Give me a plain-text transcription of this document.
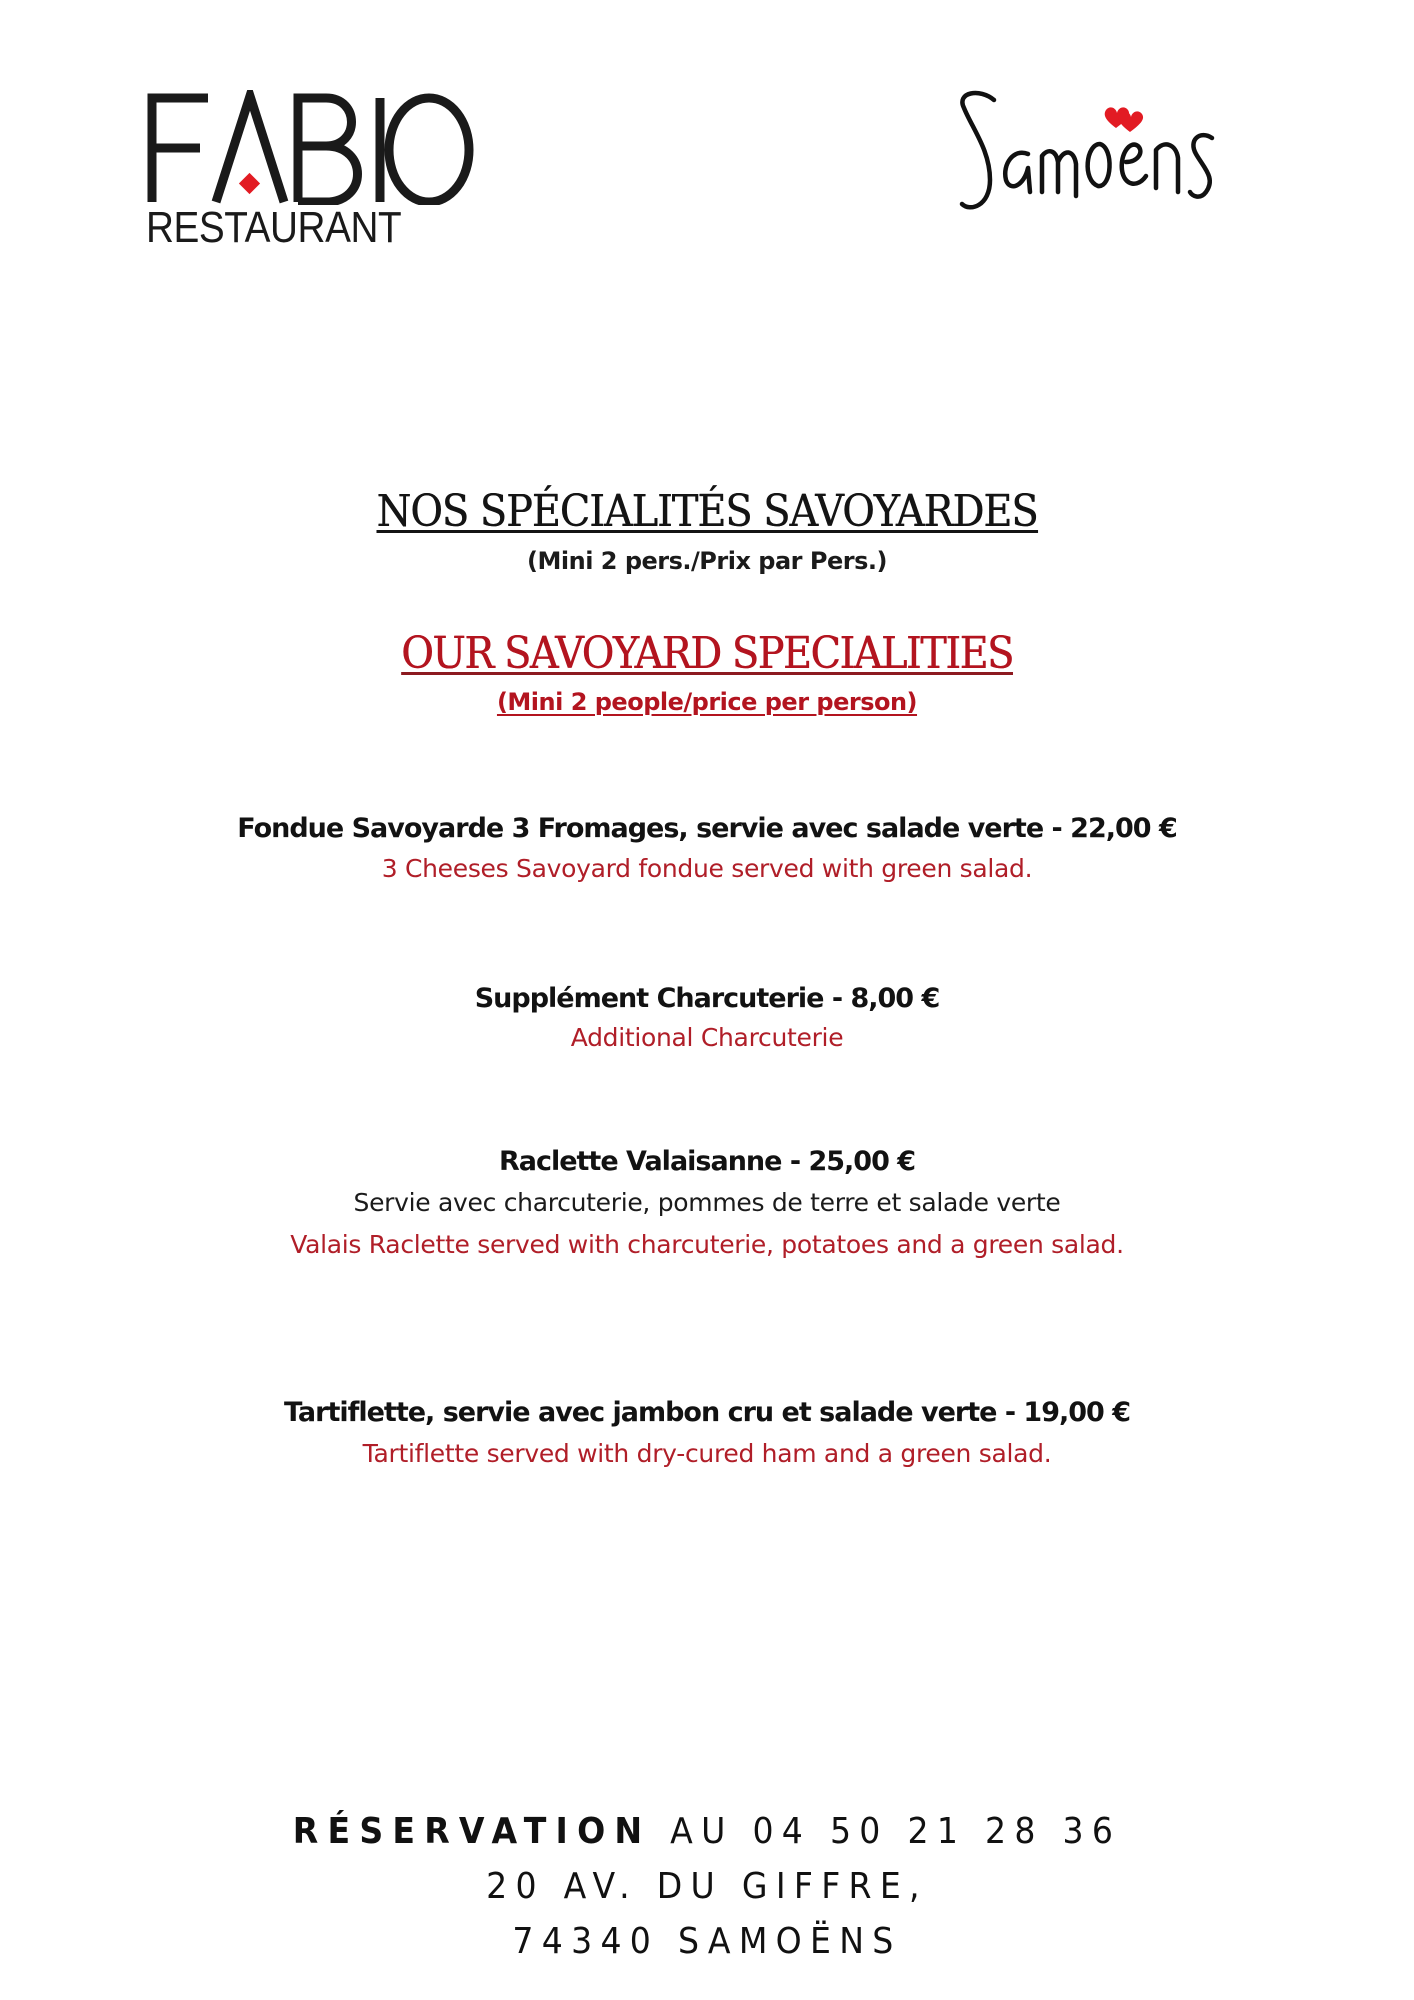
RESTAURANT
NOS SPÉCIALITÉS SAVOYARDES
(Mini 2 pers./Prix par Pers.)
OUR SAVOYARD SPECIALITIES
(Mini 2 people/price per person)
Fondue Savoyarde 3 Fromages, servie avec salade verte - 22,00 €
3 Cheeses Savoyard fondue served with green salad.
Supplément Charcuterie - 8,00 €
Additional Charcuterie
Raclette Valaisanne - 25,00 €
Servie avec charcuterie, pommes de terre et salade verte
Valais Raclette served with charcuterie, potatoes and a green salad.
Tartiflette, servie avec jambon cru et salade verte - 19,00 €
Tartiflette served with dry-cured ham and a green salad.
RÉSERVATION AU 04 50 21 28 36
20 AV. DU GIFFRE,
74340 SAMOËNS
